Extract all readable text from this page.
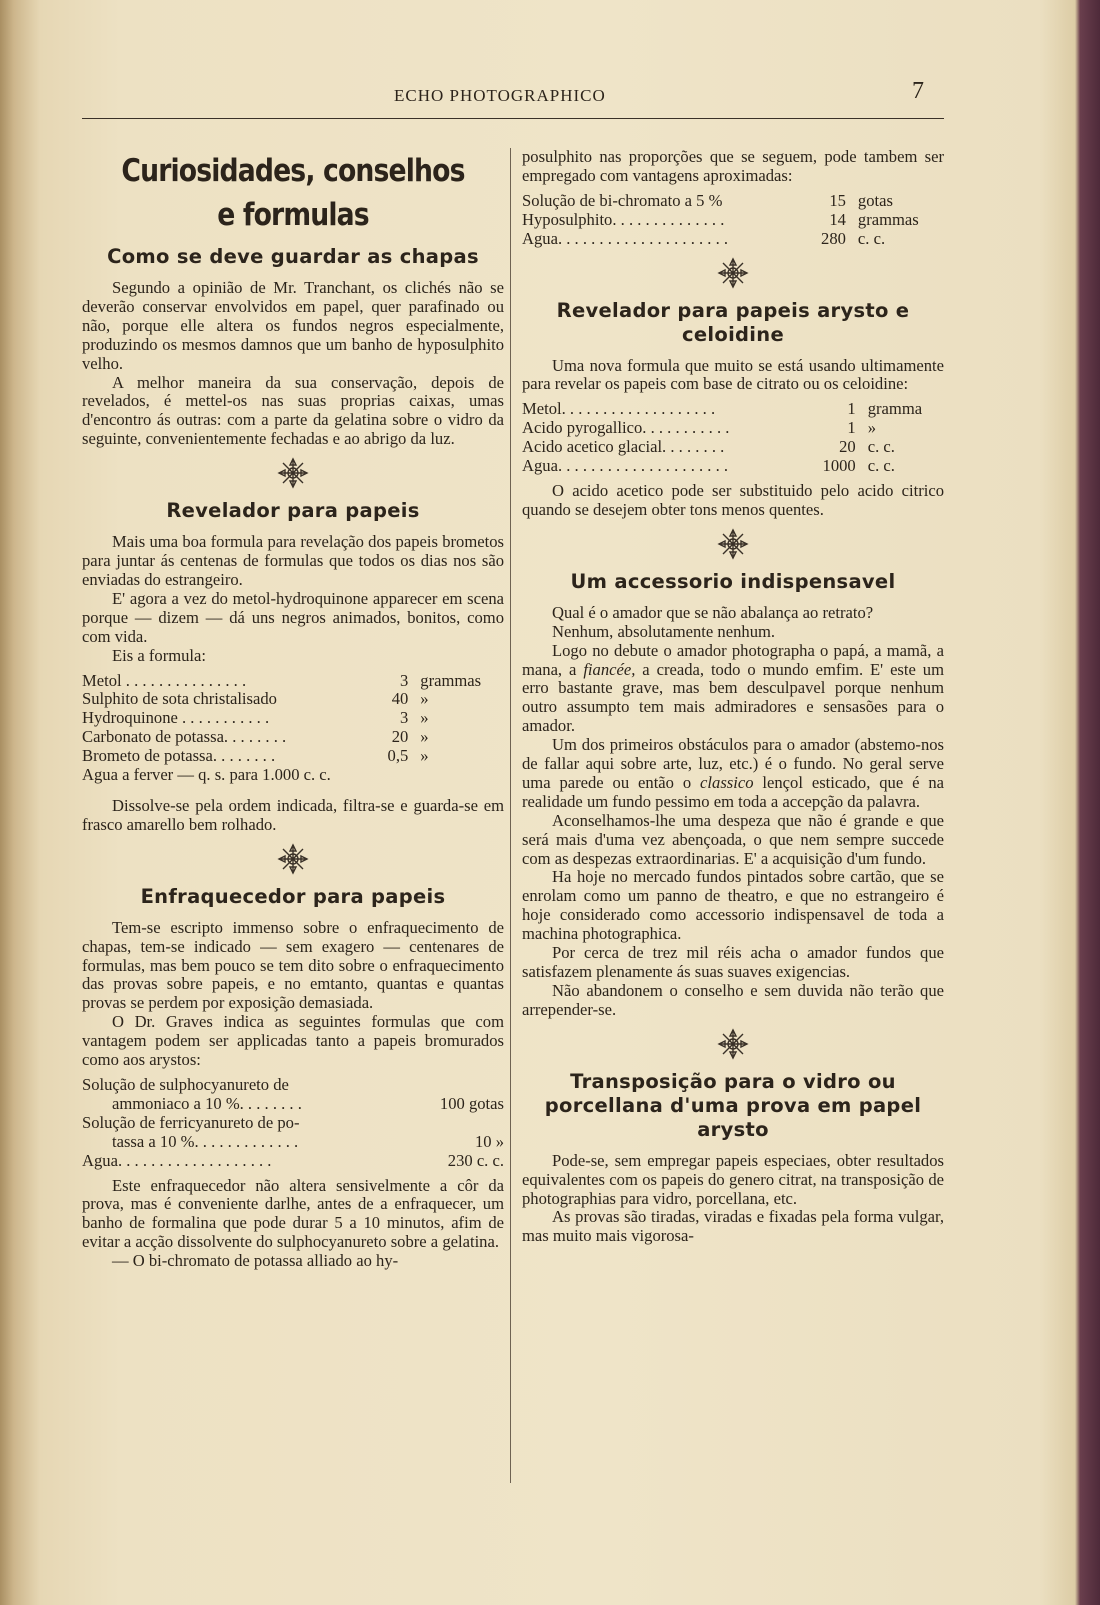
ECHO PHOTOGRAPHICO	7
Curiosidades, conselhos e formulas
Como se deve guardar as chapas

Segundo a opinião de Mr. Tranchant, os clichés não se deverão conservar envolvidos em papel, quer parafinado ou não, porque elle altera os fundos negros especialmente, produzindo os mesmos damnos que um banho de hyposulphito velho.

A melhor maneira da sua conservação, depois de revelados, é mettel-os nas suas proprias caixas, umas d'encontro ás outras: com a parte da gelatina sobre o vidro da seguinte, convenientemente fechadas e ao abrigo da luz.

Revelador para papeis

Mais uma boa formula para revelação dos papeis brometos para juntar ás centenas de formulas que todos os dias nos são enviadas do estrangeiro.

E' agora a vez do metol-hydroquinone apparecer em scena porque — dizem — dá uns negros animados, bonitos, como com vida.

Eis a formula:

Metol . . . . . . . . . . . . . . .	3	grammas
Sulphito de sota christalisado	40	»
Hydroquinone . . . . . . . . . . .	3	»
Carbonato de potassa. . . . . . . .	20	»
Brometo de potassa. . . . . . . .	0,5	»

Agua a ferver — q. s. para 1.000 c. c.

Dissolve-se pela ordem indicada, filtra-se e guarda-se em frasco amarello bem rolhado.

Enfraquecedor para papeis

Tem-se escripto immenso sobre o enfraquecimento de chapas, tem-se indicado — sem exagero — centenares de formulas, mas bem pouco se tem dito sobre o enfraquecimento das provas sobre papeis, e no emtanto, quantas e quantas provas se perdem por exposição demasiada.

O Dr. Graves indica as seguintes formulas que com vantagem podem ser applicadas tanto a papeis bromurados como aos arystos:

Solução de sulphocyanureto de	
ammoniaco a 10 %. . . . . . . .	100 gotas
Solução de ferricyanureto de po-	
tassa a 10 %. . . . . . . . . . . . .	10 »
Agua. . . . . . . . . . . . . . . . . . .	230 c. c.

Este enfraquecedor não altera sensivelmente a côr da prova, mas é conveniente darlhe, antes de a enfraquecer, um banho de formalina que pode durar 5 a 10 minutos, afim de evitar a acção dissolvente do sulphocyanureto sobre a gelatina.

— O bi-chromato de potassa alliado ao hy-

posulphito nas proporções que se seguem, pode tambem ser empregado com vantagens aproximadas:

Solução de bi-chromato a 5 %	15	gotas
Hyposulphito. . . . . . . . . . . . . .	14	grammas
Agua. . . . . . . . . . . . . . . . . . . . .	280	c. c.
Revelador para papeis arysto e celoidine

Uma nova formula que muito se está usando ultimamente para revelar os papeis com base de citrato ou os celoidine:

Metol. . . . . . . . . . . . . . . . . . .	1	gramma
Acido pyrogallico. . . . . . . . . . .	1	»
Acido acetico glacial. . . . . . . .	20	c. c.
Agua. . . . . . . . . . . . . . . . . . . . .	1000	c. c.

O acido acetico pode ser substituido pelo acido citrico quando se desejem obter tons menos quentes.

Um accessorio indispensavel

Qual é o amador que se não abalança ao retrato?

Nenhum, absolutamente nenhum.

Logo no debute o amador photographa o papá, a mamã, a mana, a fiancée, a creada, todo o mundo emfim. E' este um erro bastante grave, mas bem desculpavel porque nenhum outro assumpto tem mais admiradores e sensasões para o amador.

Um dos primeiros obstáculos para o amador (abstemo-nos de fallar aqui sobre arte, luz, etc.) é o fundo. No geral serve uma parede ou então o classico lençol esticado, que é na realidade um fundo pessimo em toda a accepção da palavra.

Aconselhamos-lhe uma despeza que não é grande e que será mais d'uma vez abençoada, o que nem sempre succede com as despezas extraordinarias. E' a acquisição d'um fundo.

Ha hoje no mercado fundos pintados sobre cartão, que se enrolam como um panno de theatro, e que no estrangeiro é hoje considerado como accessorio indispensavel de toda a machina photographica.

Por cerca de trez mil réis acha o amador fundos que satisfazem plenamente ás suas suaves exigencias.

Não abandonem o conselho e sem duvida não terão que arrepender-se.

Transposição para o vidro ou porcellana d'uma prova em papel arysto

Pode-se, sem empregar papeis especiaes, obter resultados equivalentes com os papeis do genero citrat, na transposição de photographias para vidro, porcellana, etc.

As provas são tiradas, viradas e fixadas pela forma vulgar, mas muito mais vigorosa-
